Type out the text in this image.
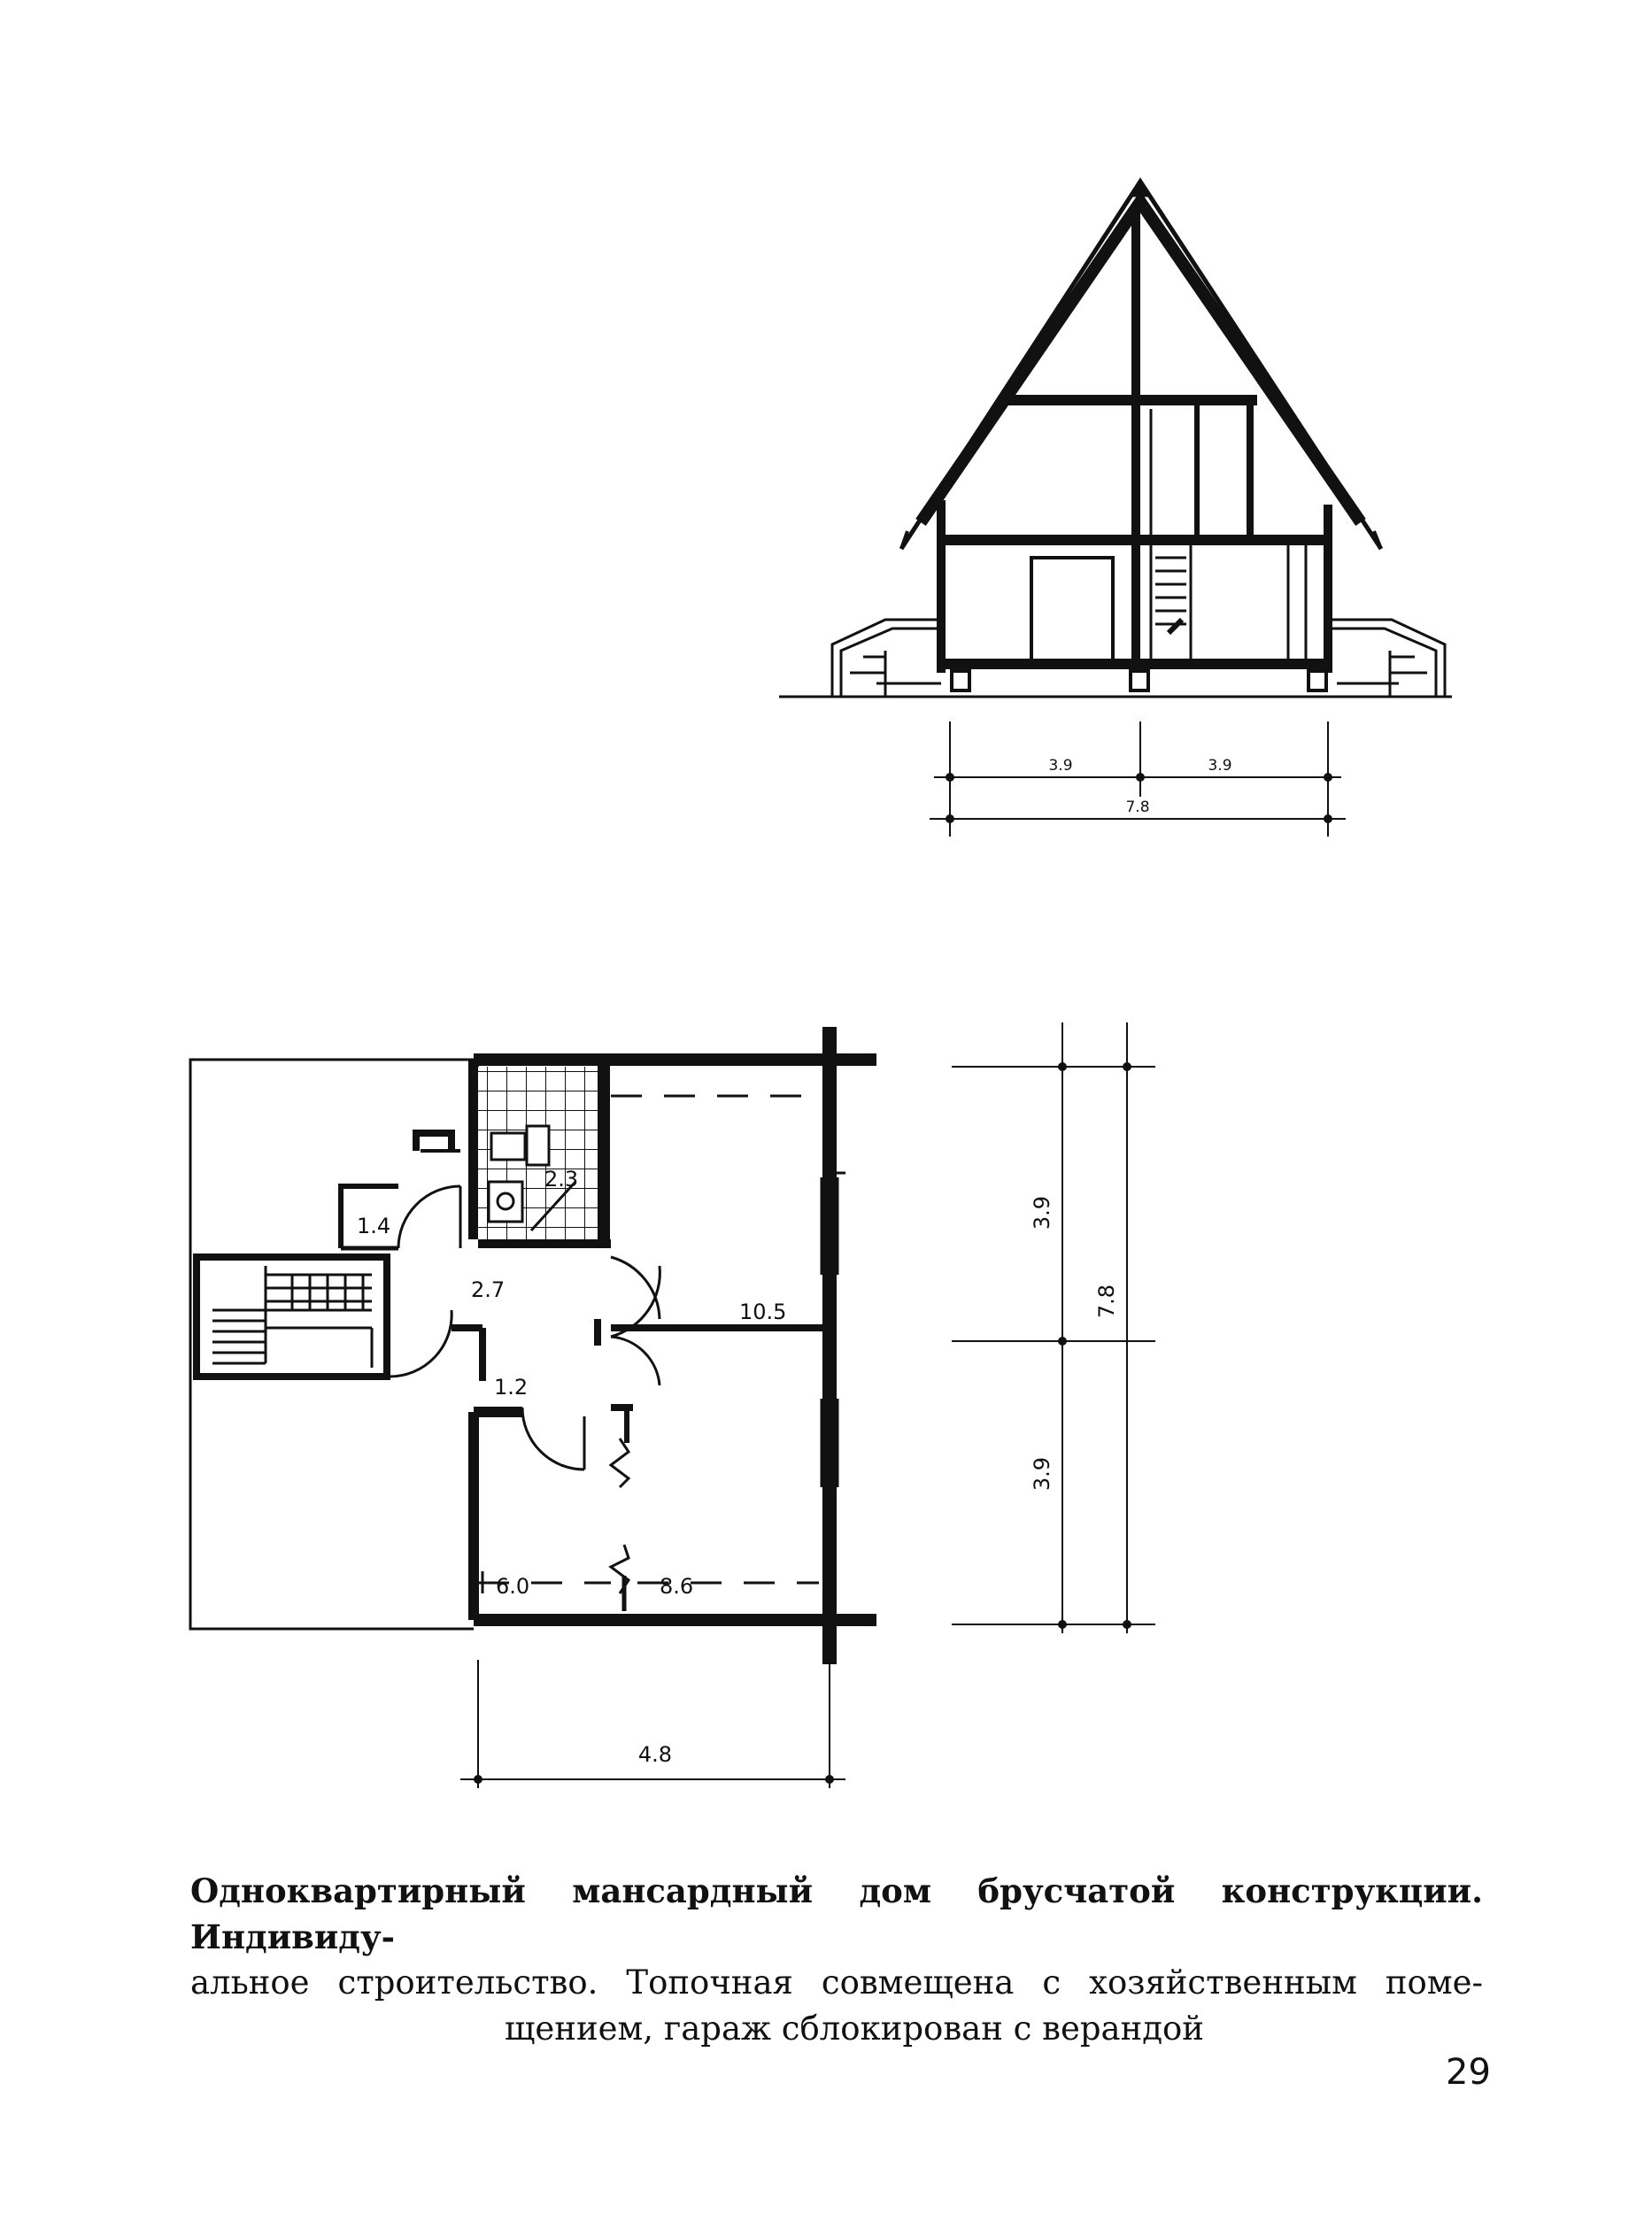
3.9	3.9
7.8
2.3
1.4
2.7
10.5
1.2
6.0	8.6
4.8
3.9
3.9
7.8
Одноквартирный мансардный дом брусчатой конструкции. Индивиду-
альное строительство. Топочная совмещена с хозяйственным поме-
щением, гараж сблокирован с верандой
29
